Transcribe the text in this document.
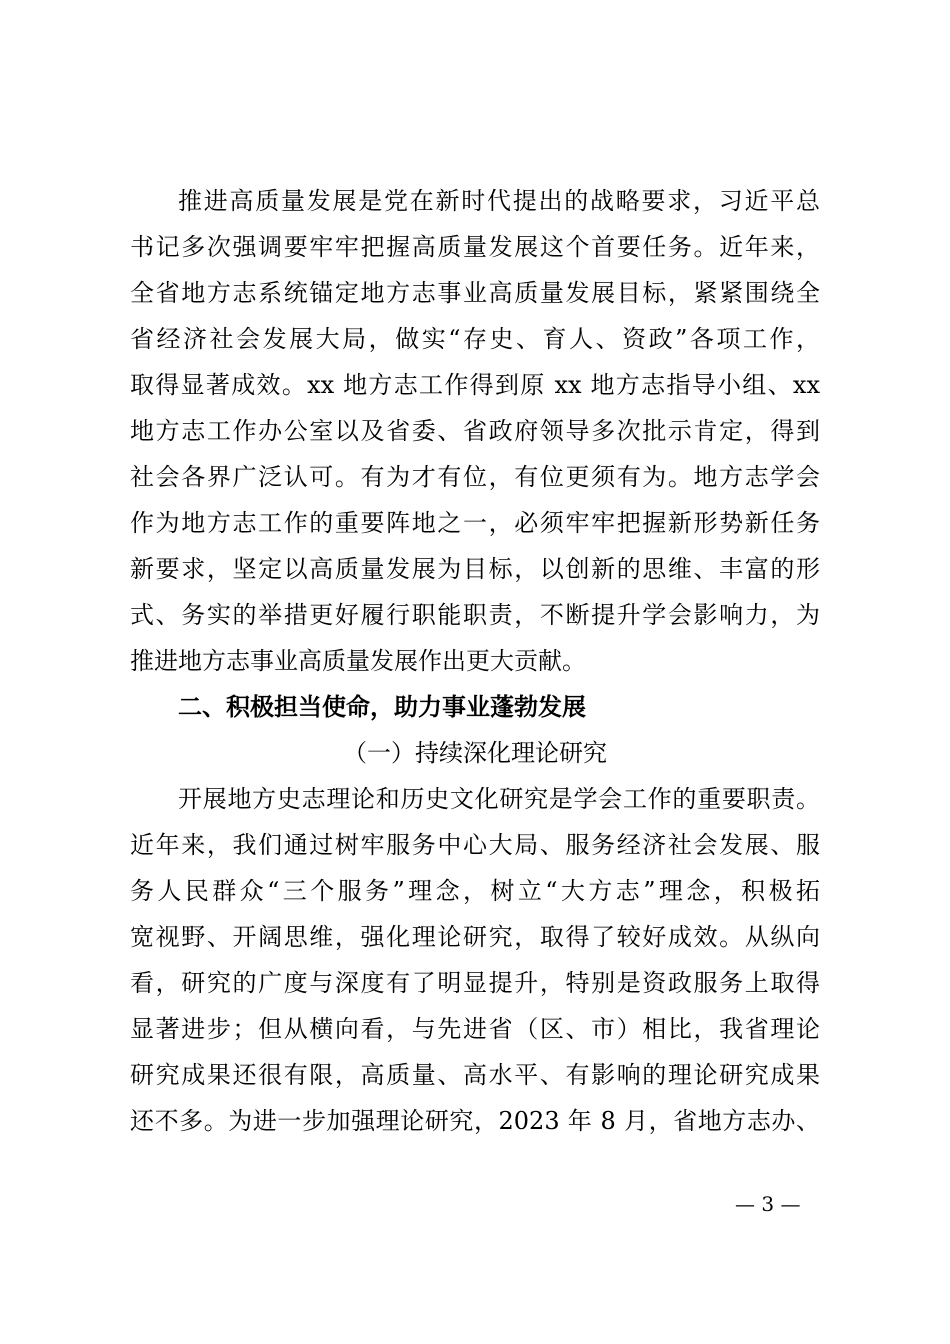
推进高质量发展是党在新时代提出的战略要求，习近平总
书记多次强调要牢牢把握高质量发展这个首要任务。近年来，
全省地方志系统锚定地方志事业高质量发展目标，紧紧围绕全
省经济社会发展大局，做实“存史、育人、资政”各项工作，
取得显著成效。xx 地方志工作得到原 xx 地方志指导小组、xx
地方志工作办公室以及省委、省政府领导多次批示肯定，得到
社会各界广泛认可。有为才有位，有位更须有为。地方志学会
作为地方志工作的重要阵地之一，必须牢牢把握新形势新任务
新要求，坚定以高质量发展为目标，以创新的思维、丰富的形
式、务实的举措更好履行职能职责，不断提升学会影响力，为
推进地方志事业高质量发展作出更大贡献。
二、积极担当使命，助力事业蓬勃发展
（一）持续深化理论研究
开展地方史志理论和历史文化研究是学会工作的重要职责。
近年来，我们通过树牢服务中心大局、服务经济社会发展、服
务人民群众“三个服务”理念，树立“大方志”理念，积极拓
宽视野、开阔思维，强化理论研究，取得了较好成效。从纵向
看，研究的广度与深度有了明显提升，特别是资政服务上取得
显著进步；但从横向看，与先进省（区、市）相比，我省理论
研究成果还很有限，高质量、高水平、有影响的理论研究成果
还不多。为进一步加强理论研究，2023 年 8 月，省地方志办、
— 3 —
